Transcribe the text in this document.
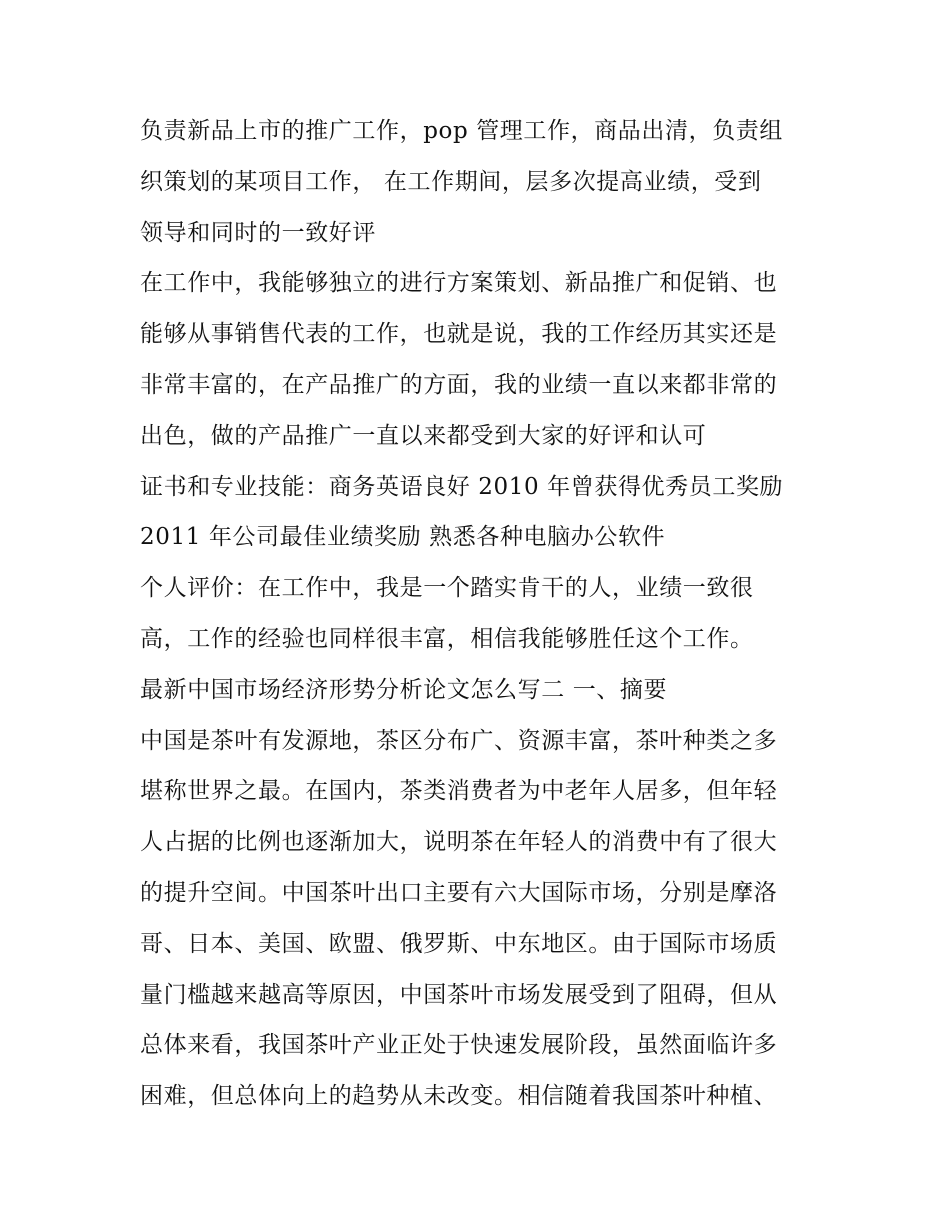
负责新品上市的推广工作，pop 管理工作，商品出清，负责组
织策划的某项目工作， 在工作期间，层多次提高业绩，受到
领导和同时的一致好评
在工作中，我能够独立的进行方案策划、新品推广和促销、也
能够从事销售代表的工作，也就是说，我的工作经历其实还是
非常丰富的，在产品推广的方面，我的业绩一直以来都非常的
出色，做的产品推广一直以来都受到大家的好评和认可
证书和专业技能：商务英语良好 2010 年曾获得优秀员工奖励
2011 年公司最佳业绩奖励 熟悉各种电脑办公软件
个人评价：在工作中，我是一个踏实肯干的人，业绩一致很
高，工作的经验也同样很丰富，相信我能够胜任这个工作。
最新中国市场经济形势分析论文怎么写二 一、摘要
中国是茶叶有发源地，茶区分布广、资源丰富，茶叶种类之多
堪称世界之最。在国内，茶类消费者为中老年人居多，但年轻
人占据的比例也逐渐加大，说明茶在年轻人的消费中有了很大
的提升空间。中国茶叶出口主要有六大国际市场，分别是摩洛
哥、日本、美国、欧盟、俄罗斯、中东地区。由于国际市场质
量门槛越来越高等原因，中国茶叶市场发展受到了阻碍，但从
总体来看，我国茶叶产业正处于快速发展阶段，虽然面临许多
困难，但总体向上的趋势从未改变。相信随着我国茶叶种植、
